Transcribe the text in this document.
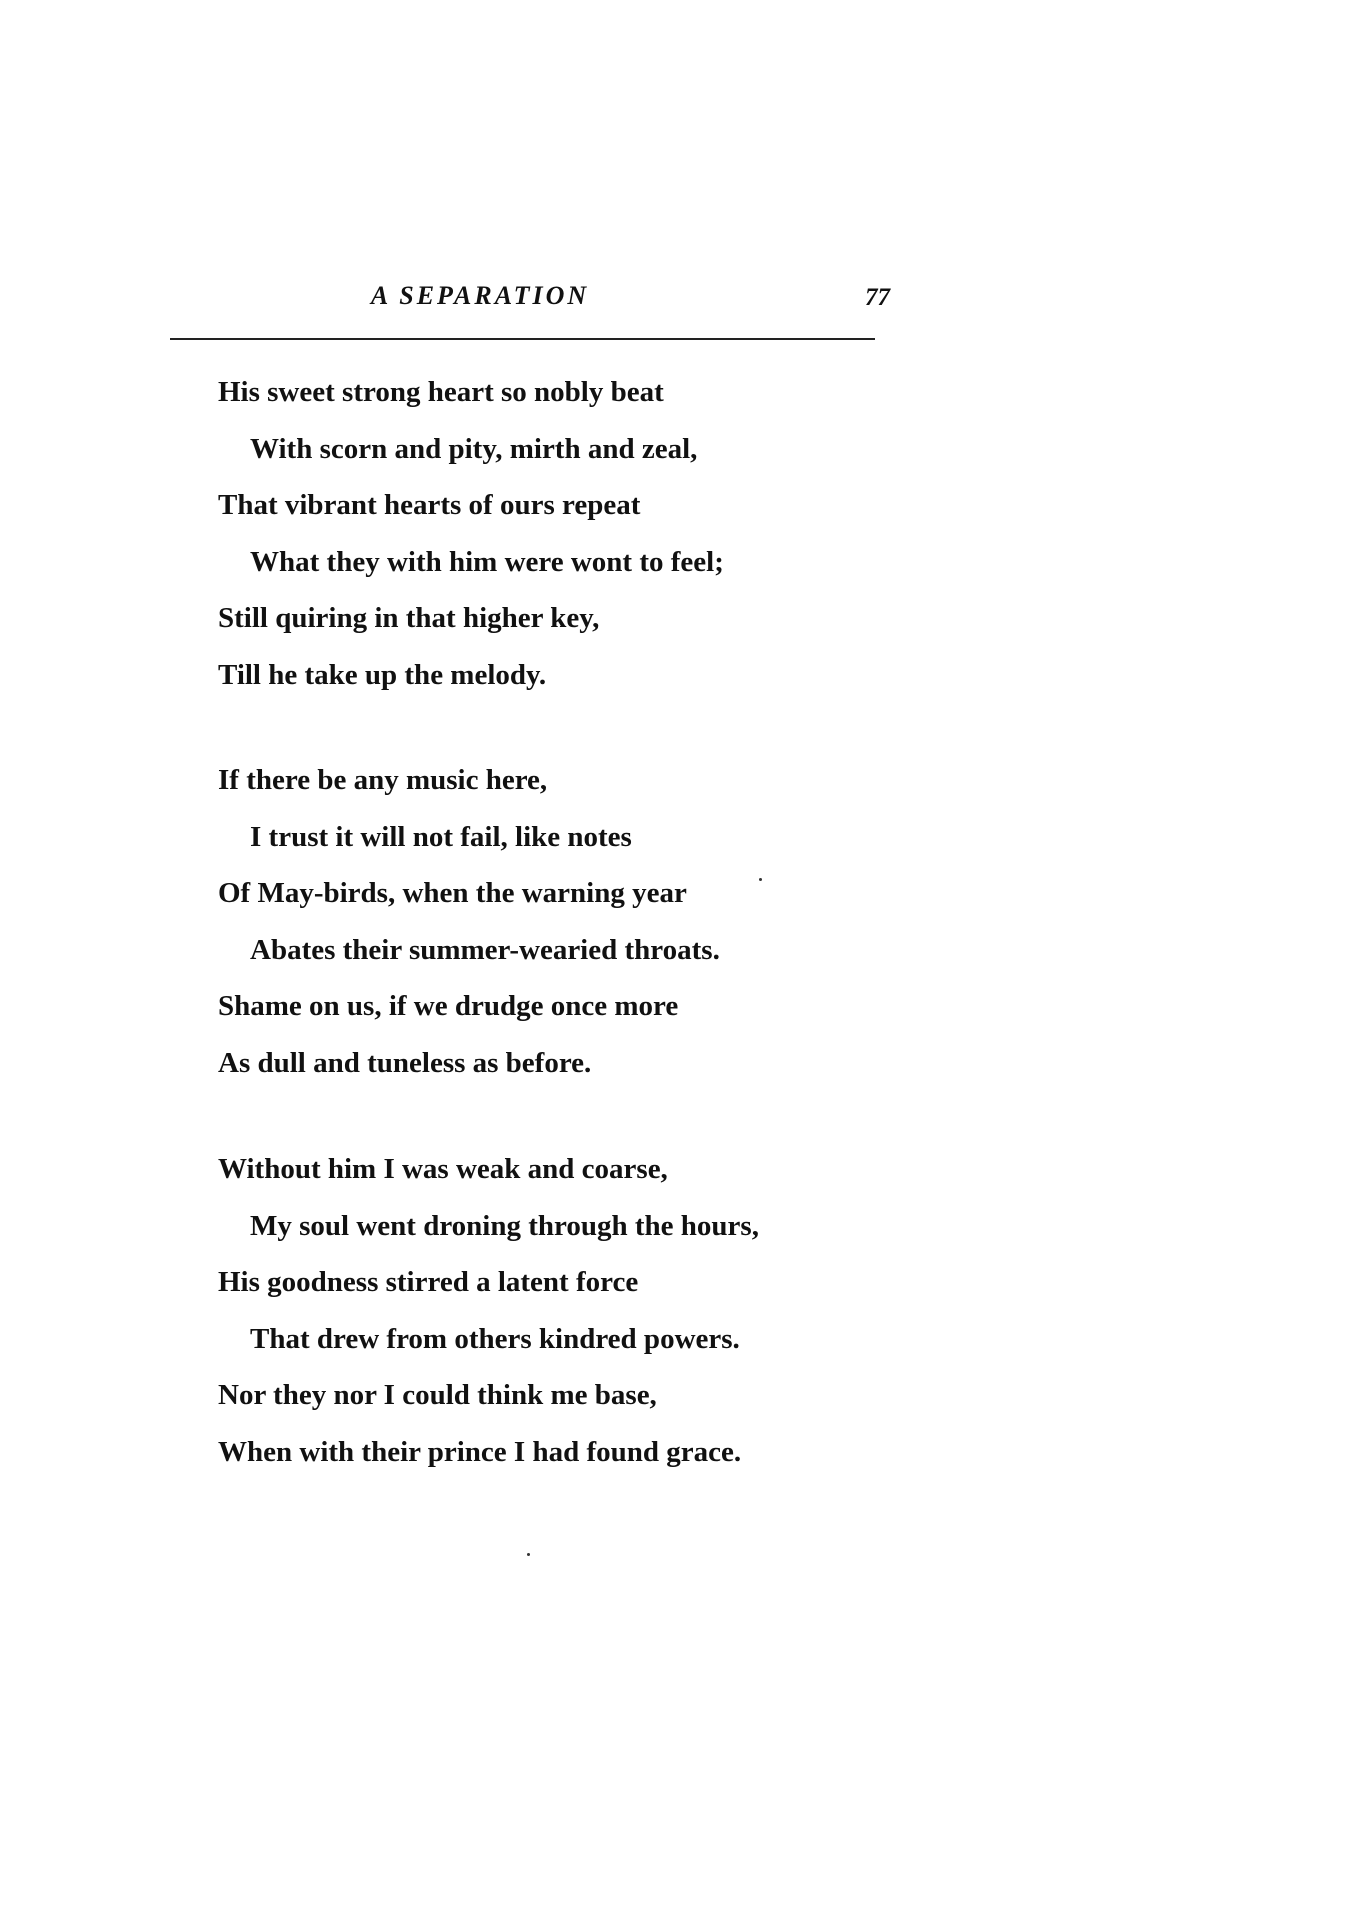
A SEPARATION	77
His sweet strong heart so nobly beat
With scorn and pity, mirth and zeal,
That vibrant hearts of ours repeat
What they with him were wont to feel;
Still quiring in that higher key,
Till he take up the melody.
If there be any music here,
I trust it will not fail, like notes
Of May-birds, when the warning year
Abates their summer-wearied throats.
Shame on us, if we drudge once more
As dull and tuneless as before.
Without him I was weak and coarse,
My soul went droning through the hours,
His goodness stirred a latent force
That drew from others kindred powers.
Nor they nor I could think me base,
When with their prince I had found grace.
